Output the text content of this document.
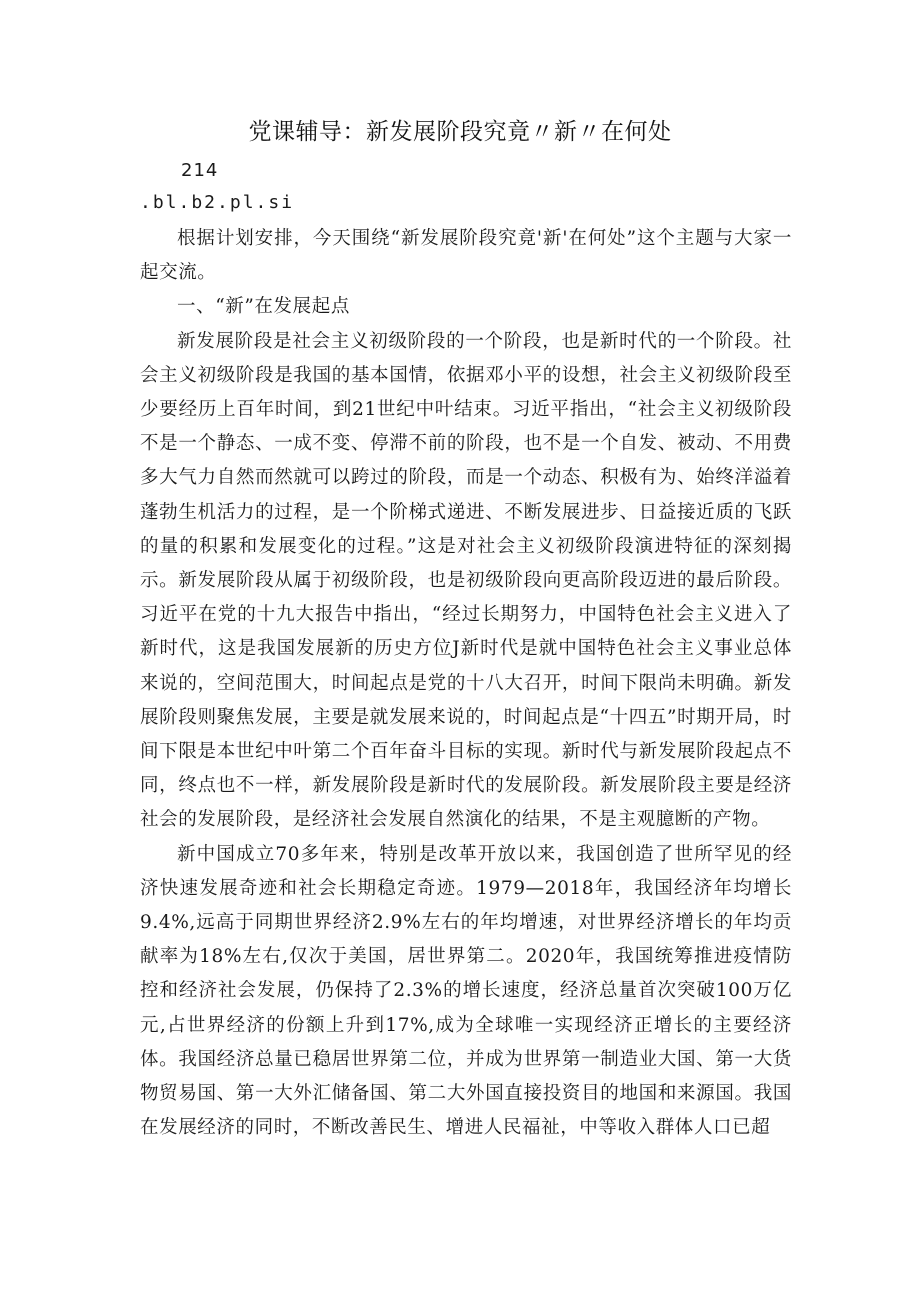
党课辅导：新发展阶段究竟〃新〃在何处
214
.bl.b2.pl.si

根据计划安排，今天围绕“新发展阶段究竟'新'在何处”这个主题与大家一起交流。

一、“新”在发展起点

新发展阶段是社会主义初级阶段的一个阶段，也是新时代的一个阶段。社会主义初级阶段是我国的基本国情，依据邓小平的设想，社会主义初级阶段至少要经历上百年时间，到21世纪中叶结束。习近平指出，“社会主义初级阶段不是一个静态、一成不变、停滞不前的阶段，也不是一个自发、被动、不用费多大气力自然而然就可以跨过的阶段，而是一个动态、积极有为、始终洋溢着蓬勃生机活力的过程，是一个阶梯式递进、不断发展进步、日益接近质的飞跃的量的积累和发展变化的过程。”这是对社会主义初级阶段演进特征的深刻揭示。新发展阶段从属于初级阶段，也是初级阶段向更高阶段迈进的最后阶段。习近平在党的十九大报告中指出，“经过长期努力，中国特色社会主义进入了新时代，这是我国发展新的历史方位J新时代是就中国特色社会主义事业总体来说的，空间范围大，时间起点是党的十八大召开，时间下限尚未明确。新发展阶段则聚焦发展，主要是就发展来说的，时间起点是“十四五”时期开局，时间下限是本世纪中叶第二个百年奋斗目标的实现。新时代与新发展阶段起点不同，终点也不一样，新发展阶段是新时代的发展阶段。新发展阶段主要是经济社会的发展阶段，是经济社会发展自然演化的结果，不是主观臆断的产物。

新中国成立70多年来，特别是改革开放以来，我国创造了世所罕见的经济快速发展奇迹和社会长期稳定奇迹。1979—2018年，我国经济年均增长9.4%,远高于同期世界经济2.9%左右的年均增速，对世界经济增长的年均贡献率为18%左右,仅次于美国，居世界第二。2020年，我国统筹推进疫情防控和经济社会发展，仍保持了2.3%的增长速度，经济总量首次突破100万亿元,占世界经济的份额上升到17%,成为全球唯一实现经济正增长的主要经济体。我国经济总量已稳居世界第二位，并成为世界第一制造业大国、第一大货物贸易国、第一大外汇储备国、第二大外国直接投资目的地国和来源国。我国在发展经济的同时，不断改善民生、增进人民福祉，中等收入群体人口已超
